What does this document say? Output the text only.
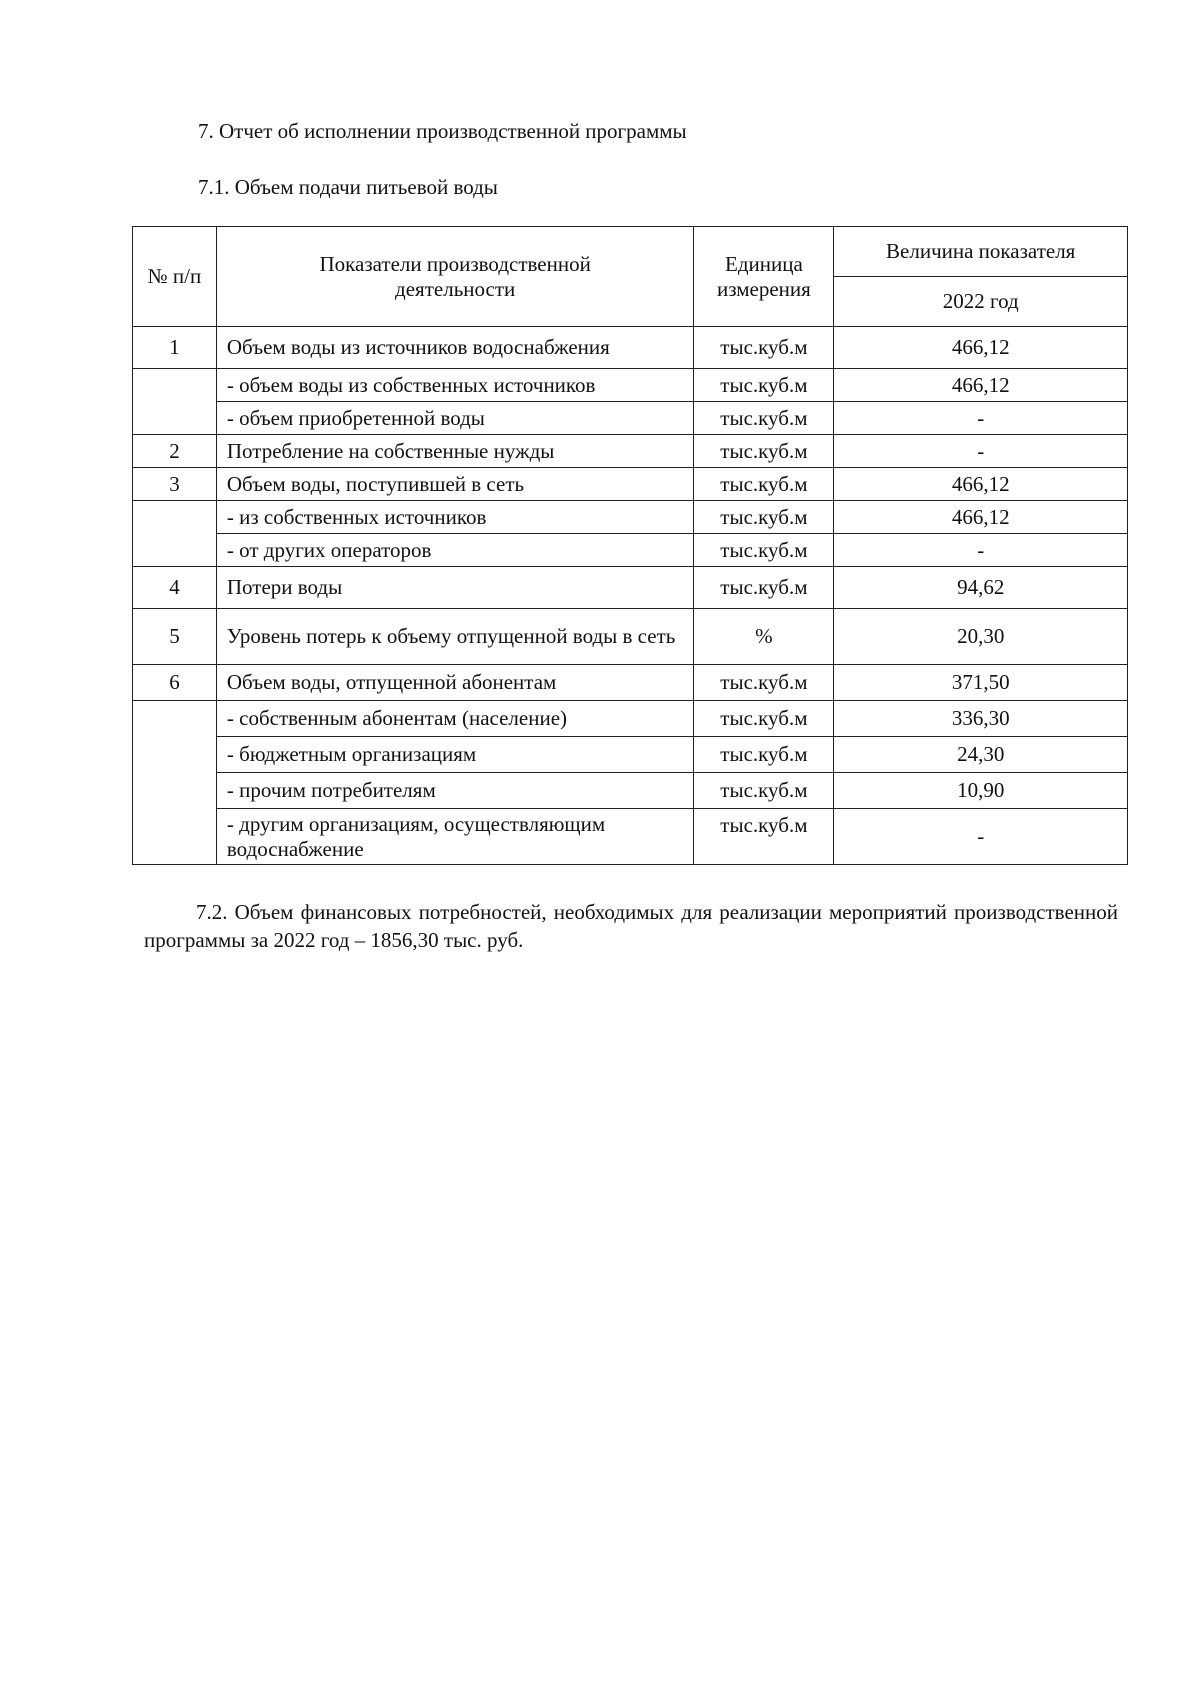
7. Отчет об исполнении производственной программы
7.1. Объем подачи питьевой воды
№ п/п	Показатели производственной деятельности	Единица измерения	Величина показателя
			2022 год
1	Объем воды из источников водоснабжения	тыс.куб.м	466,12
	- объем воды из собственных источников	тыс.куб.м	466,12
	- объем приобретенной воды	тыс.куб.м	-
2	Потребление на собственные нужды	тыс.куб.м	-
3	Объем воды, поступившей в сеть	тыс.куб.м	466,12
	- из собственных источников	тыс.куб.м	466,12
	- от других операторов	тыс.куб.м	-
4	Потери воды	тыс.куб.м	94,62
5	Уровень потерь к объему отпущенной воды в сеть	%	20,30
6	Объем воды, отпущенной абонентам	тыс.куб.м	371,50
	- собственным абонентам (население)	тыс.куб.м	336,30
	- бюджетным организациям	тыс.куб.м	24,30
	- прочим потребителям	тыс.куб.м	10,90
	- другим организациям, осуществляющим водоснабжение	тыс.куб.м	-
7.2. Объем финансовых потребностей, необходимых для реализации мероприятий производственной программы за 2022 год – 1856,30 тыс. руб.
